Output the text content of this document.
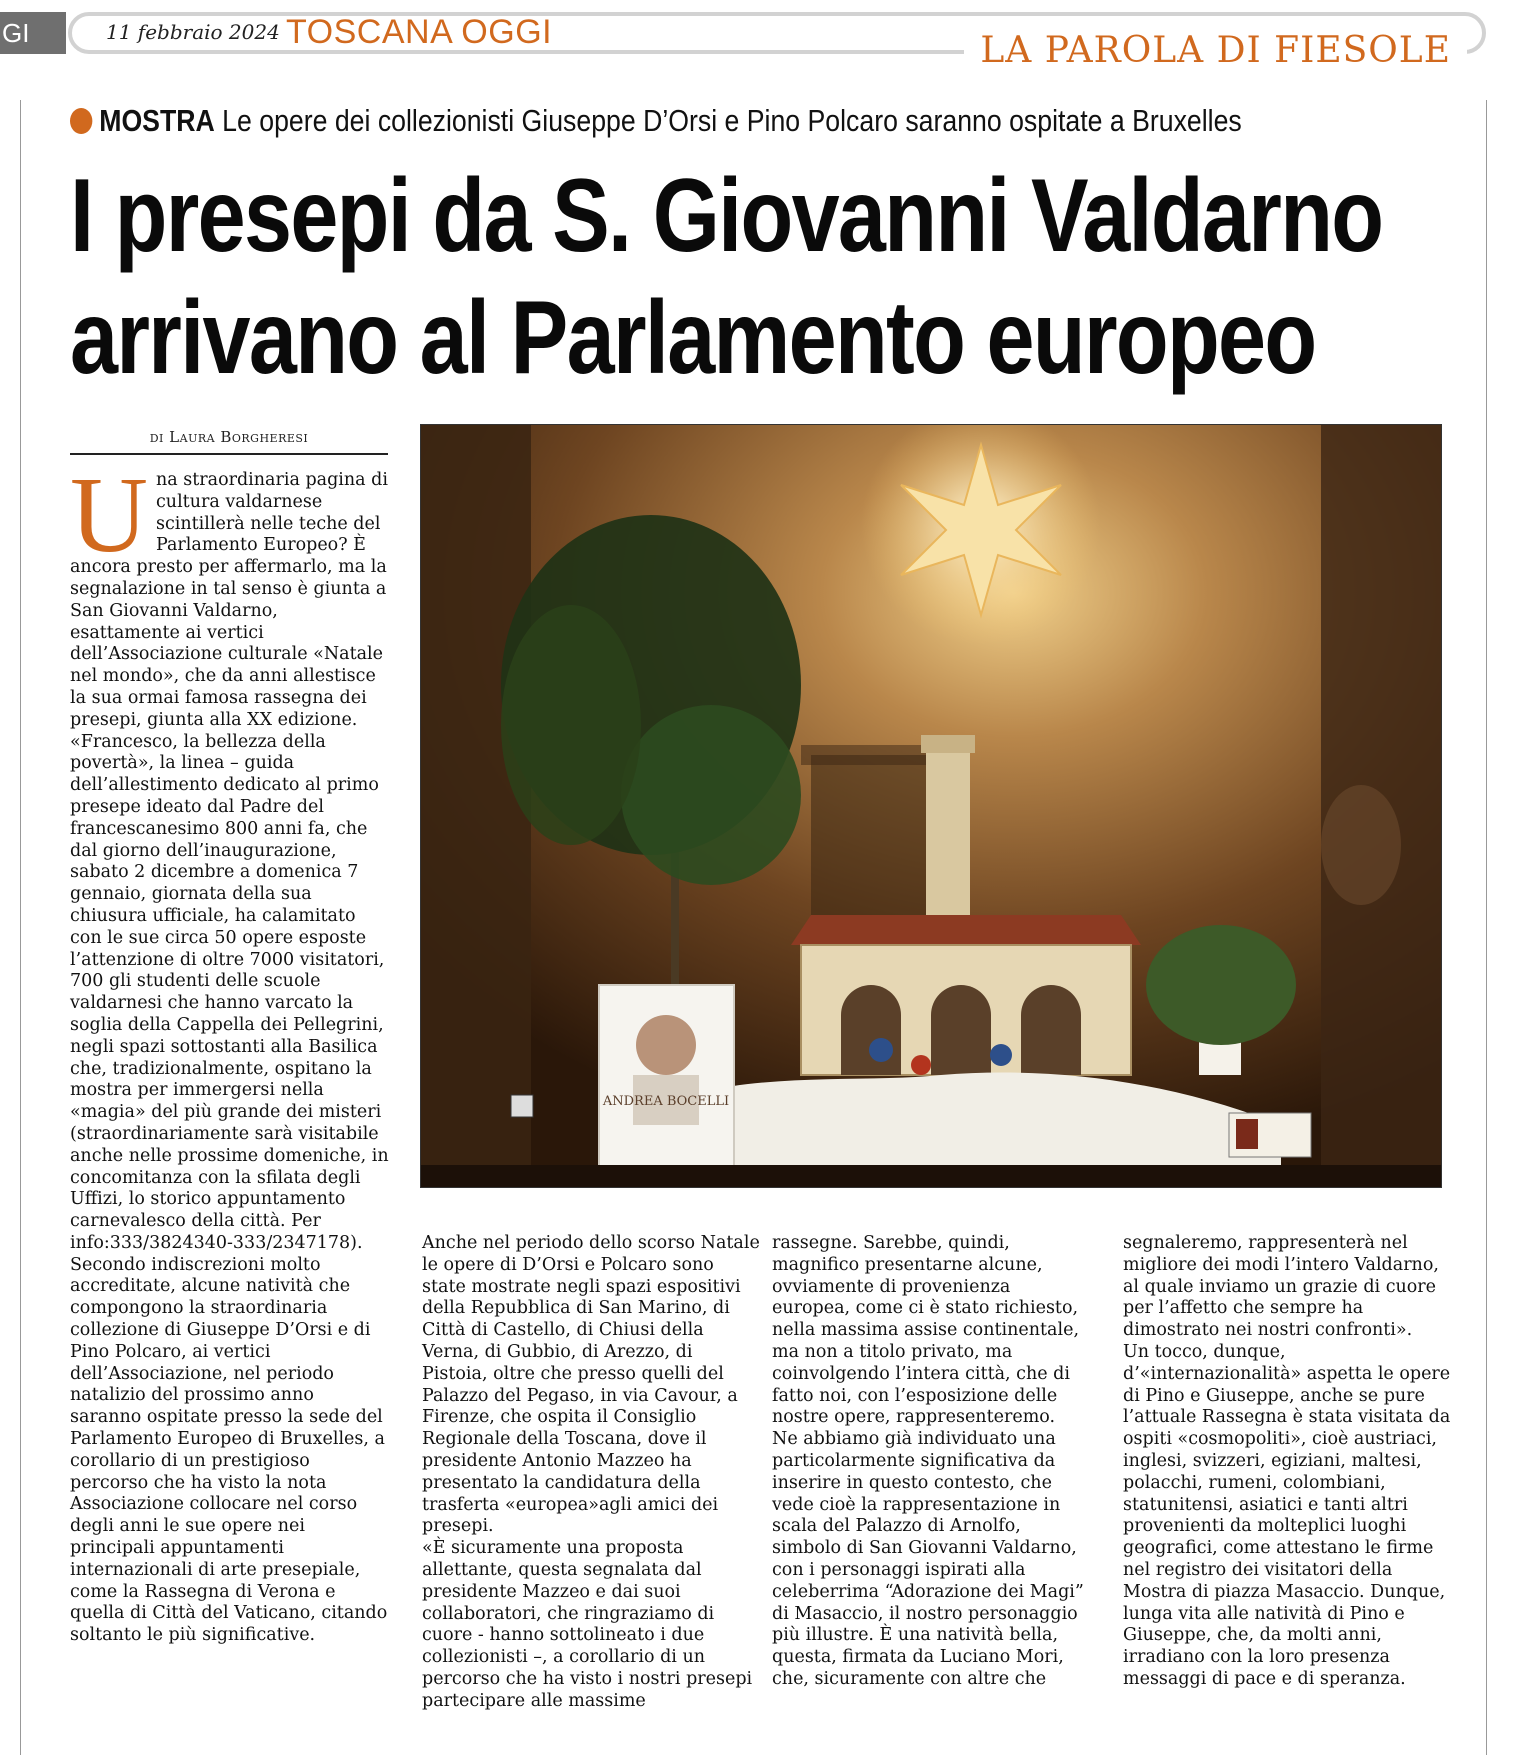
GI	11 febbraio 2024 TOSCANA OGGI	LA PAROLA DI FIESOLE
MOSTRA Le opere dei collezionisti Giuseppe D’Orsi e Pino Polcaro saranno ospitate a Bruxelles
I presepi da S. Giovanni Valdarno
arrivano al Parlamento europeo
di Laura Borgheresi

Una straordinaria pagina di cultura valdarnese scintillerà nelle teche del Parlamento Europeo? È ancora presto per affermarlo, ma la segnalazione in tal senso è giunta a San Giovanni Valdarno, esattamente ai vertici dell’Associazione culturale «Natale nel mondo», che da anni allestisce la sua ormai famosa rassegna dei presepi, giunta alla XX edizione. «Francesco, la bellezza della povertà», la linea – guida dell’allestimento dedicato al primo presepe ideato dal Padre del francescanesimo 800 anni fa, che dal giorno dell’inaugurazione, sabato 2 dicembre a domenica 7 gennaio, giornata della sua chiusura ufficiale, ha calamitato con le sue circa 50 opere esposte l’attenzione di oltre 7000 visitatori, 700 gli studenti delle scuole valdarnesi che hanno varcato la soglia della Cappella dei Pellegrini, negli spazi sottostanti alla Basilica che, tradizionalmente, ospitano la mostra per immergersi nella «magia» del più grande dei misteri (straordinariamente sarà visitabile anche nelle prossime domeniche, in concomitanza con la sfilata degli Uffizi, lo storico appuntamento carnevalesco della città. Per info:333/3824340-333/2347178).

Secondo indiscrezioni molto accreditate, alcune natività che compongono la straordinaria collezione di Giuseppe D’Orsi e di Pino Polcaro, ai vertici dell’Associazione, nel periodo natalizio del prossimo anno saranno ospitate presso la sede del Parlamento Europeo di Bruxelles, a corollario di un prestigioso percorso che ha visto la nota Associazione collocare nel corso degli anni le sue opere nei principali appuntamenti internazionali di arte presepiale, come la Rassegna di Verona e quella di Città del Vaticano, citando soltanto le più significative.

ANDREA BOCELLI

Anche nel periodo dello scorso Natale le opere di D’Orsi e Polcaro sono state mostrate negli spazi espositivi della Repubblica di San Marino, di Città di Castello, di Chiusi della Verna, di Gubbio, di Arezzo, di Pistoia, oltre che presso quelli del Palazzo del Pegaso, in via Cavour, a Firenze, che ospita il Consiglio Regionale della Toscana, dove il presidente Antonio Mazzeo ha presentato la candidatura della trasferta «europea»agli amici dei presepi.

«È sicuramente una proposta allettante, questa segnalata dal presidente Mazzeo e dai suoi collaboratori, che ringraziamo di cuore - hanno sottolineato i due collezionisti –, a corollario di un percorso che ha visto i nostri presepi partecipare alle massime

rassegne. Sarebbe, quindi, magnifico presentarne alcune, ovviamente di provenienza europea, come ci è stato richiesto, nella massima assise continentale, ma non a titolo privato, ma coinvolgendo l’intera città, che di fatto noi, con l’esposizione delle nostre opere, rappresenteremo. Ne abbiamo già individuato una particolarmente significativa da inserire in questo contesto, che vede cioè la rappresentazione in scala del Palazzo di Arnolfo, simbolo di San Giovanni Valdarno, con i personaggi ispirati alla celeberrima “Adorazione dei Magi” di Masaccio, il nostro personaggio più illustre. È una natività bella, questa, firmata da Luciano Mori, che, sicuramente con altre che

segnaleremo, rappresenterà nel migliore dei modi l’intero Valdarno, al quale inviamo un grazie di cuore per l’affetto che sempre ha dimostrato nei nostri confronti».

Un tocco, dunque, d’«internazionalità» aspetta le opere di Pino e Giuseppe, anche se pure l’attuale Rassegna è stata visitata da ospiti «cosmopoliti», cioè austriaci, inglesi, svizzeri, egiziani, maltesi, polacchi, rumeni, colombiani, statunitensi, asiatici e tanti altri provenienti da molteplici luoghi geografici, come attestano le firme nel registro dei visitatori della Mostra di piazza Masaccio. Dunque, lunga vita alle natività di Pino e Giuseppe, che, da molti anni, irradiano con la loro presenza messaggi di pace e di speranza.
